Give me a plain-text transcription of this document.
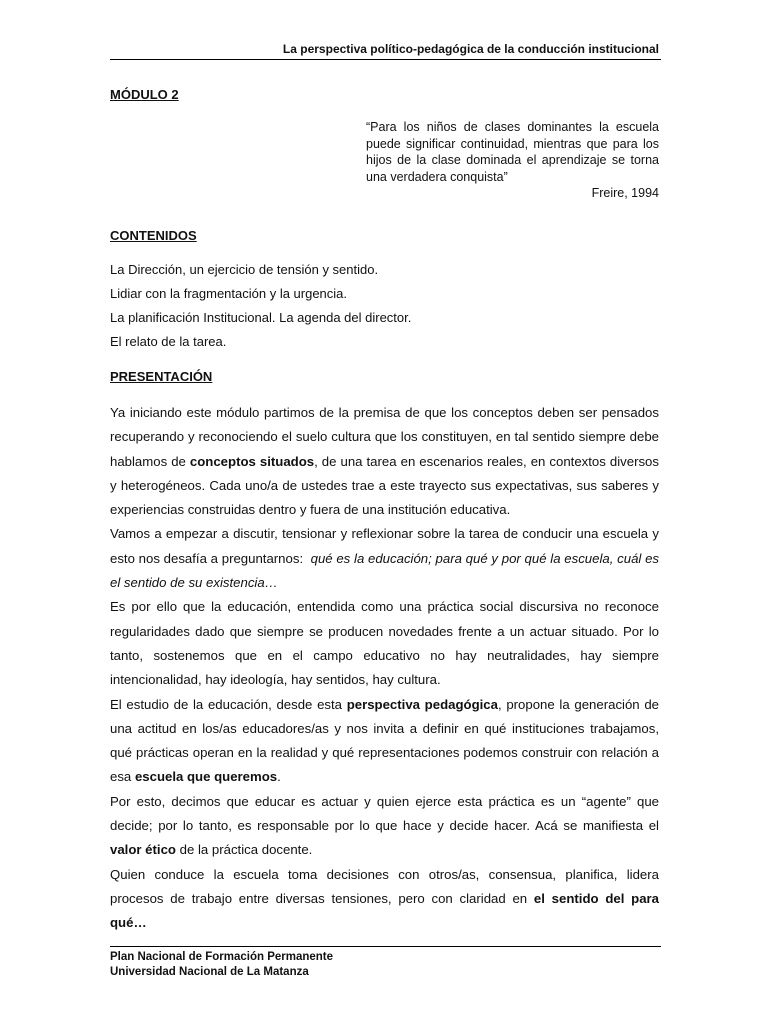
La perspectiva político-pedagógica de la conducción institucional
MÓDULO 2
“Para los niños de clases dominantes la escuela puede significar continuidad, mientras que para los hijos de la clase dominada el aprendizaje se torna una verdadera conquista”
Freire, 1994
CONTENIDOS
La Dirección, un ejercicio de tensión y sentido.
Lidiar con la fragmentación y la urgencia.
La planificación Institucional. La agenda del director.
El relato de la tarea.
PRESENTACIÓN

Ya iniciando este módulo partimos de la premisa de que los conceptos deben ser pensados recuperando y reconociendo el suelo cultura que los constituyen, en tal sentido siempre debe hablamos de conceptos situados, de una tarea en escenarios reales, en contextos diversos y heterogéneos. Cada uno/a de ustedes trae a este trayecto sus expectativas, sus saberes y experiencias construidas dentro y fuera de una institución educativa.

Vamos a empezar a discutir, tensionar y reflexionar sobre la tarea de conducir una escuela y esto nos desafía a preguntarnos:  qué es la educación; para qué y por qué la escuela, cuál es el sentido de su existencia…

Es por ello que la educación, entendida como una práctica social discursiva no reconoce regularidades dado que siempre se producen novedades frente a un actuar situado. Por lo tanto, sostenemos que en el campo educativo no hay neutralidades, hay siempre intencionalidad, hay ideología, hay sentidos, hay cultura.

El estudio de la educación, desde esta perspectiva pedagógica, propone la generación de una actitud en los/as educadores/as y nos invita a definir en qué instituciones trabajamos, qué prácticas operan en la realidad y qué representaciones podemos construir con relación a esa escuela que queremos.

Por esto, decimos que educar es actuar y quien ejerce esta práctica es un “agente” que decide; por lo tanto, es responsable por lo que hace y decide hacer. Acá se manifiesta el valor ético de la práctica docente.

Quien conduce la escuela toma decisiones con otros/as, consensua, planifica, lidera procesos de trabajo entre diversas tensiones, pero con claridad en el sentido del para qué…

Plan Nacional de Formación Permanente
Universidad Nacional de La Matanza
